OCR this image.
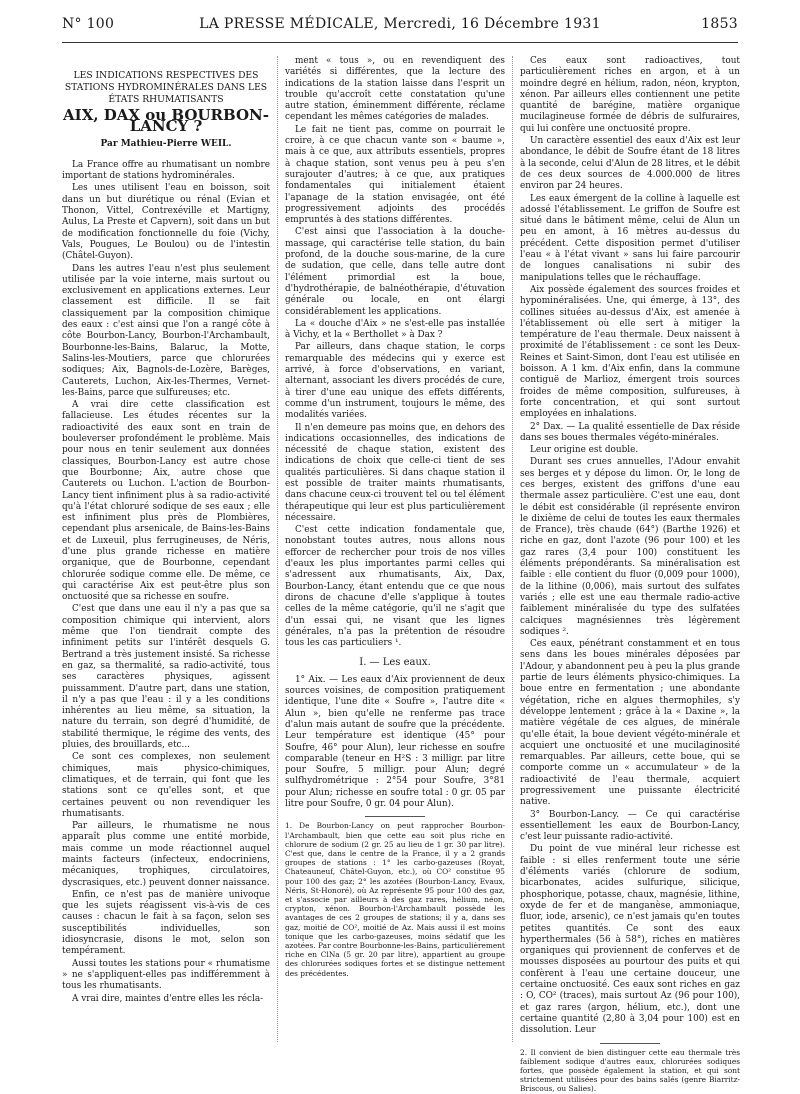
N° 100	LA PRESSE MÉDICALE, Mercredi, 16 Décembre 1931	1853
LES INDICATIONS RESPECTIVES DES STATIONS HYDROMINÉRALES DANS LES ÉTATS RHUMATISANTS
AIX, DAX ou BOURBON-LANCY ?
Par Mathieu-Pierre WEIL.

La France offre au rhumatisant un nombre important de stations hydrominérales.

Les unes utilisent l'eau en boisson, soit dans un but diurétique ou rénal (Evian et Thonon, Vittel, Contrexéville et Martigny, Aulus, La Preste et Capvern), soit dans un but de modification fonctionnelle du foie (Vichy, Vals, Pougues, Le Boulou) ou de l'intestin (Châtel-Guyon).

Dans les autres l'eau n'est plus seulement utilisée par la voie interne, mais surtout ou exclusivement en applications externes. Leur classement est difficile. Il se fait classiquement par la composition chimique des eaux : c'est ainsi que l'on a rangé côte à côte Bourbon-Lancy, Bourbon-l'Archambault, Bourbonne-les-Bains, Balaruc, la Motte, Salins-les-Moutiers, parce que chlorurées sodiques; Aix, Bagnols-de-Lozère, Barèges, Cauterets, Luchon, Aix-les-Thermes, Vernet-les-Bains, parce que sulfureuses; etc.

A vrai dire cette classification est fallacieuse. Les études récentes sur la radioactivité des eaux sont en train de bouleverser profondément le problème. Mais pour nous en tenir seulement aux données classiques, Bourbon-Lancy est autre chose que Bourbonne; Aix, autre chose que Cauterets ou Luchon. L'action de Bourbon-Lancy tient infiniment plus à sa radio-activité qu'à l'état chloruré sodique de ses eaux ; elle est infiniment plus près de Plombières, cependant plus arsenicale, de Bains-les-Bains et de Luxeuil, plus ferrugineuses, de Néris, d'une plus grande richesse en matière organique, que de Bourbonne, cependant chlorurée sodique comme elle. De même, ce qui caractérise Aix est peut-être plus son onctuosité que sa richesse en soufre.

C'est que dans une eau il n'y a pas que sa composition chimique qui intervient, alors même que l'on tiendrait compte des infiniment petits sur l'intérêt desquels G. Bertrand a très justement insisté. Sa richesse en gaz, sa thermalité, sa radio-activité, tous ses caractères physiques, agissent puissamment. D'autre part, dans une station, il n'y a pas que l'eau : il y a les conditions inhérentes au lieu même, sa situation, la nature du terrain, son degré d'humidité, de stabilité thermique, le régime des vents, des pluies, des brouillards, etc...

Ce sont ces complexes, non seulement chimiques, mais physico-chimiques, climatiques, et de terrain, qui font que les stations sont ce qu'elles sont, et que certaines peuvent ou non revendiquer les rhumatisants.

Par ailleurs, le rhumatisme ne nous apparaît plus comme une entité morbide, mais comme un mode réactionnel auquel maints facteurs (infecteux, endocriniens, mécaniques, trophiques, circulatoires, dyscrasiques, etc.) peuvent donner naissance.

Enfin, ce n'est pas de manière univoque que les sujets réagissent vis-à-vis de ces causes : chacun le fait à sa façon, selon ses susceptibilités individuelles, son idiosyncrasie, disons le mot, selon son tempérament.

Aussi toutes les stations pour « rhumatisme » ne s'appliquent-elles pas indifféremment à tous les rhumatisants.

A vrai dire, maintes d'entre elles les récla-

ment « tous », ou en revendiquent des variétés si différentes, que la lecture des indications de la station laisse dans l'esprit un trouble qu'accroît cette constatation qu'une autre station, éminemment différente, réclame cependant les mêmes catégories de malades.

Le fait ne tient pas, comme on pourrait le croire, à ce que chacun vante son « baume », mais à ce que, aux attributs essentiels, propres à chaque station, sont venus peu à peu s'en surajouter d'autres; à ce que, aux pratiques fondamentales qui initialement étaient l'apanage de la station envisagée, ont été progressivement adjoints des procédés empruntés à des stations différentes.

C'est ainsi que l'association à la douche-massage, qui caractérise telle station, du bain profond, de la douche sous-marine, de la cure de sudation, que celle, dans telle autre dont l'élément primordial est la boue, d'hydrothérapie, de balnéothérapie, d'étuvation générale ou locale, en ont élargi considérablement les applications.

La « douche d'Aix » ne s'est-elle pas installée à Vichy, et la « Berthollet » à Dax ?

Par ailleurs, dans chaque station, le corps remarquable des médecins qui y exerce est arrivé, à force d'observations, en variant, alternant, associant les divers procédés de cure, à tirer d'une eau unique des effets différents, comme d'un instrument, toujours le même, des modalités variées.

Il n'en demeure pas moins que, en dehors des indications occasionnelles, des indications de nécessité de chaque station, existent des indications de choix que celle-ci tient de ses qualités particulières. Si dans chaque station il est possible de traiter maints rhumatisants, dans chacune ceux-ci trouvent tel ou tel élément thérapeutique qui leur est plus particulièrement nécessaire.

C'est cette indication fondamentale que, nonobstant toutes autres, nous allons nous efforcer de rechercher pour trois de nos villes d'eaux les plus importantes parmi celles qui s'adressent aux rhumatisants, Aix, Dax, Bourbon-Lancy, étant entendu que ce que nous dirons de chacune d'elle s'applique à toutes celles de la même catégorie, qu'il ne s'agit que d'un essai qui, ne visant que les lignes générales, n'a pas la prétention de résoudre tous les cas particuliers ¹.

I. — Les eaux.

1° Aix. — Les eaux d'Aix proviennent de deux sources voisines, de composition pratiquement identique, l'une dite « Soufre », l'autre dite « Alun », bien qu'elle ne renferme pas trace d'alun mais autant de soufre que la précédente. Leur température est identique (45° pour Soufre, 46° pour Alun), leur richesse en soufre comparable (teneur en H²S : 3 milligr. par litre pour Soufre, 5 milligr. pour Alun; degré sulfhydrométrique : 2°54 pour Soufre, 3°81 pour Alun; richesse en soufre total : 0 gr. 05 par litre pour Soufre, 0 gr. 04 pour Alun).

1. De Bourbon-Lancy on peut rapprocher Bourbon-l'Archambault, bien que cette eau soit plus riche en chlorure de sodium (2 gr. 25 au lieu de 1 gr. 30 par litre). C'est que, dans le centre de la France, il y a 2 grands groupes de stations : 1° les carbo-gazeuses (Royat, Chateauneuf, Châtel-Guyon, etc.), où CO² constitue 95 pour 100 des gaz; 2° les azotées (Bourbon-Lancy, Evaux, Néris, St-Honoré), où Az représente 95 pour 100 des gaz, et s'associe par ailleurs à des gaz rares, hélium, néon, crypton, xénon. Bourbon-l'Archambault possède les avantages de ces 2 groupes de stations; il y a, dans ses gaz, moitié de CO², moitié de Az. Mais aussi il est moins tonique que les carbo-gazeuses, moins sédatif que les azotées. Par contre Bourbonne-les-Bains, particulièrement riche en ClNa (5 gr. 20 par litre), appartient au groupe des chlorurées sodiques fortes et se distingue nettement des précédentes.

Ces eaux sont radioactives, tout particulièrement riches en argon, et à un moindre degré en hélium, radon, néon, krypton, xénon. Par ailleurs elles contiennent une petite quantité de barégine, matière organique mucilagineuse formée de débris de sulfuraires, qui lui confère une onctuosité propre.

Un caractère essentiel des eaux d'Aix est leur abondance, le débit de Soufre étant de 18 litres à la seconde, celui d'Alun de 28 litres, et le débit de ces deux sources de 4.000.000 de litres environ par 24 heures.

Les eaux émergent de la colline à laquelle est adossé l'établissement. Le griffon de Soufre est situé dans le bâtiment même, celui de Alun un peu en amont, à 16 mètres au-dessus du précédent. Cette disposition permet d'utiliser l'eau « à l'état vivant » sans lui faire parcourir de longues canalisations ni subir des manipulations telles que le réchauffage.

Aix possède également des sources froides et hypominéralisées. Une, qui émerge, à 13°, des collines situées au-dessus d'Aix, est amenée à l'établissement où elle sert à mitiger la température de l'eau thermale. Deux naissent à proximité de l'établissement : ce sont les Deux-Reines et Saint-Simon, dont l'eau est utilisée en boisson. A 1 km. d'Aix enfin, dans la commune contiguë de Marlioz, émergent trois sources froides de même composition, sulfureuses, à forte concentration, et qui sont surtout employées en inhalations.

2° Dax. — La qualité essentielle de Dax réside dans ses boues thermales végéto-minérales.

Leur origine est double.

Durant ses crues annuelles, l'Adour envahit ses berges et y dépose du limon. Or, le long de ces berges, existent des griffons d'une eau thermale assez particulière. C'est une eau, dont le débit est considérable (il représente environ le dixième de celui de toutes les eaux thermales de France), très chaude (64°) (Barthe 1926) et riche en gaz, dont l'azote (96 pour 100) et les gaz rares (3,4 pour 100) constituent les éléments prépondérants. Sa minéralisation est faible : elle contient du fluor (0,009 pour 1000), de la lithine (0,006), mais surtout des sulfates variés ; elle est une eau thermale radio-active faiblement minéralisée du type des sulfatées calciques magnésiennes très légèrement sodiques ².

Ces eaux, pénétrant constamment et en tous sens dans les boues minérales déposées par l'Adour, y abandonnent peu à peu la plus grande partie de leurs éléments physico-chimiques. La boue entre en fermentation ; une abondante végétation, riche en algues thermophiles, s'y développe lentement ; grâce à la « Daxine », la matière végétale de ces algues, de minérale qu'elle était, la boue devient végéto-minérale et acquiert une onctuosité et une mucilaginosité remarquables. Par ailleurs, cette boue, qui se comporte comme un « accumulateur » de la radioactivité de l'eau thermale, acquiert progressivement une puissante électricité native.

3° Bourbon-Lancy. — Ce qui caractérise essentiellement les eaux de Bourbon-Lancy, c'est leur puissante radio-activité.

Du point de vue minéral leur richesse est faible : si elles renferment toute une série d'éléments variés (chlorure de sodium, bicarbonates, acides sulfurique, silicique, phosphorique, potasse, chaux, magnésie, lithine, oxyde de fer et de manganèse, ammoniaque, fluor, iode, arsenic), ce n'est jamais qu'en toutes petites quantités. Ce sont des eaux hyperthermales (56 à 58°), riches en matières organiques qui proviennent de conferves et de mousses disposées au pourtour des puits et qui confèrent à l'eau une certaine douceur, une certaine onctuosité. Ces eaux sont riches en gaz : O, CO² (traces), mais surtout Az (96 pour 100), et gaz rares (argon, hélium, etc.), dont une certaine quantité (2,80 à 3,04 pour 100) est en dissolution. Leur

2. Il convient de bien distinguer cette eau thermale très faiblement sodique d'autres eaux, chlorurées sodiques fortes, que possède également la station, et qui sont strictement utilisées pour des bains salés (genre Biarritz-Briscous, ou Salies).
